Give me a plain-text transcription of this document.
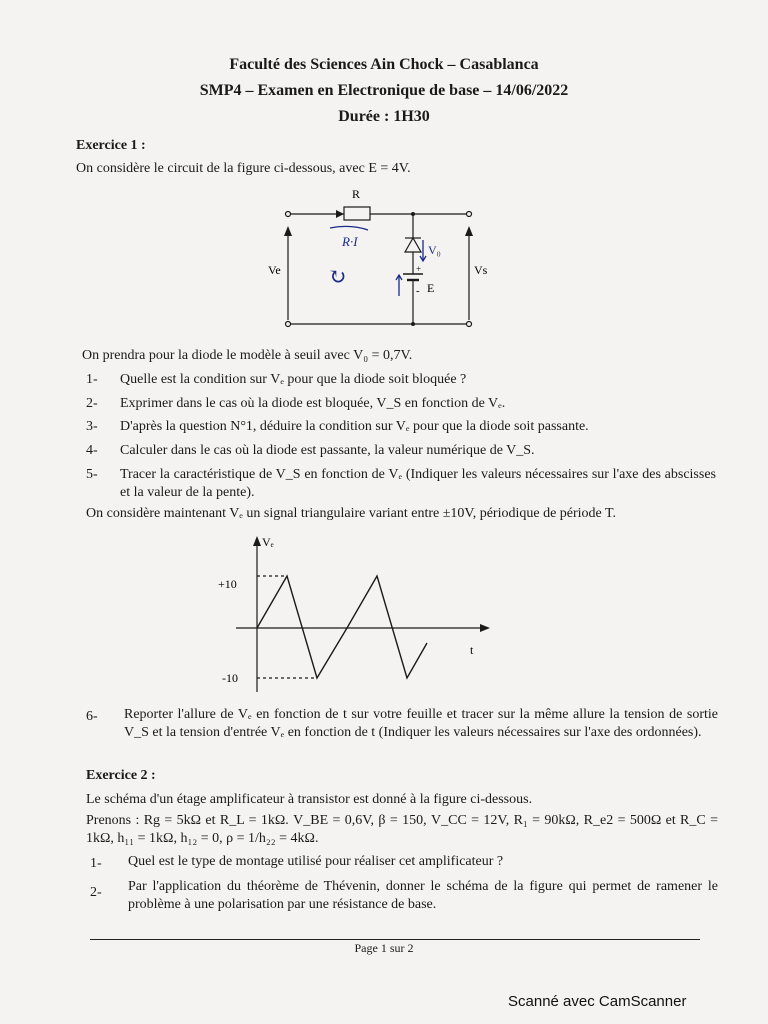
Faculté des Sciences Ain Chock – Casablanca
SMP4 – Examen en Electronique de base – 14/06/2022
Durée : 1H30
Exercice 1 :
On considère le circuit de la figure ci-dessous, avec E = 4V.
R
Ve	Vs
E
+
-
R·I
↻
V₀
On prendra pour la diode le modèle à seuil avec V₀ = 0,7V.
1- Quelle est la condition sur Vₑ pour que la diode soit bloquée ?
2- Exprimer dans le cas où la diode est bloquée, V_S en fonction de Vₑ.
3- D'après la question N°1, déduire la condition sur Vₑ pour que la diode soit passante.
4- Calculer dans le cas où la diode est passante, la valeur numérique de V_S.
5- Tracer la caractéristique de V_S en fonction de Vₑ (Indiquer les valeurs nécessaires sur l'axe des abscisses et la valeur de la pente).
On considère maintenant Vₑ un signal triangulaire variant entre ±10V, périodique de période T.
Vₑ
t
+10
-10
6- Reporter l'allure de Vₑ en fonction de t sur votre feuille et tracer sur la même allure la tension de sortie V_S et la tension d'entrée Vₑ en fonction de t (Indiquer les valeurs nécessaires sur l'axe des ordonnées).
Exercice 2 :
Le schéma d'un étage amplificateur à transistor est donné à la figure ci-dessous.
Prenons : Rg = 5kΩ et R_L = 1kΩ. V_BE = 0,6V, β = 150, V_CC = 12V, R₁ = 90kΩ, R_e2 = 500Ω et R_C = 1kΩ, h₁₁ = 1kΩ, h₁₂ = 0, ρ = 1/h₂₂ = 4kΩ.
1- Quel est le type de montage utilisé pour réaliser cet amplificateur ?
2- Par l'application du théorème de Thévenin, donner le schéma de la figure qui permet de ramener le problème à une polarisation par une résistance de base.
Page 1 sur 2
Scanné avec CamScanner
